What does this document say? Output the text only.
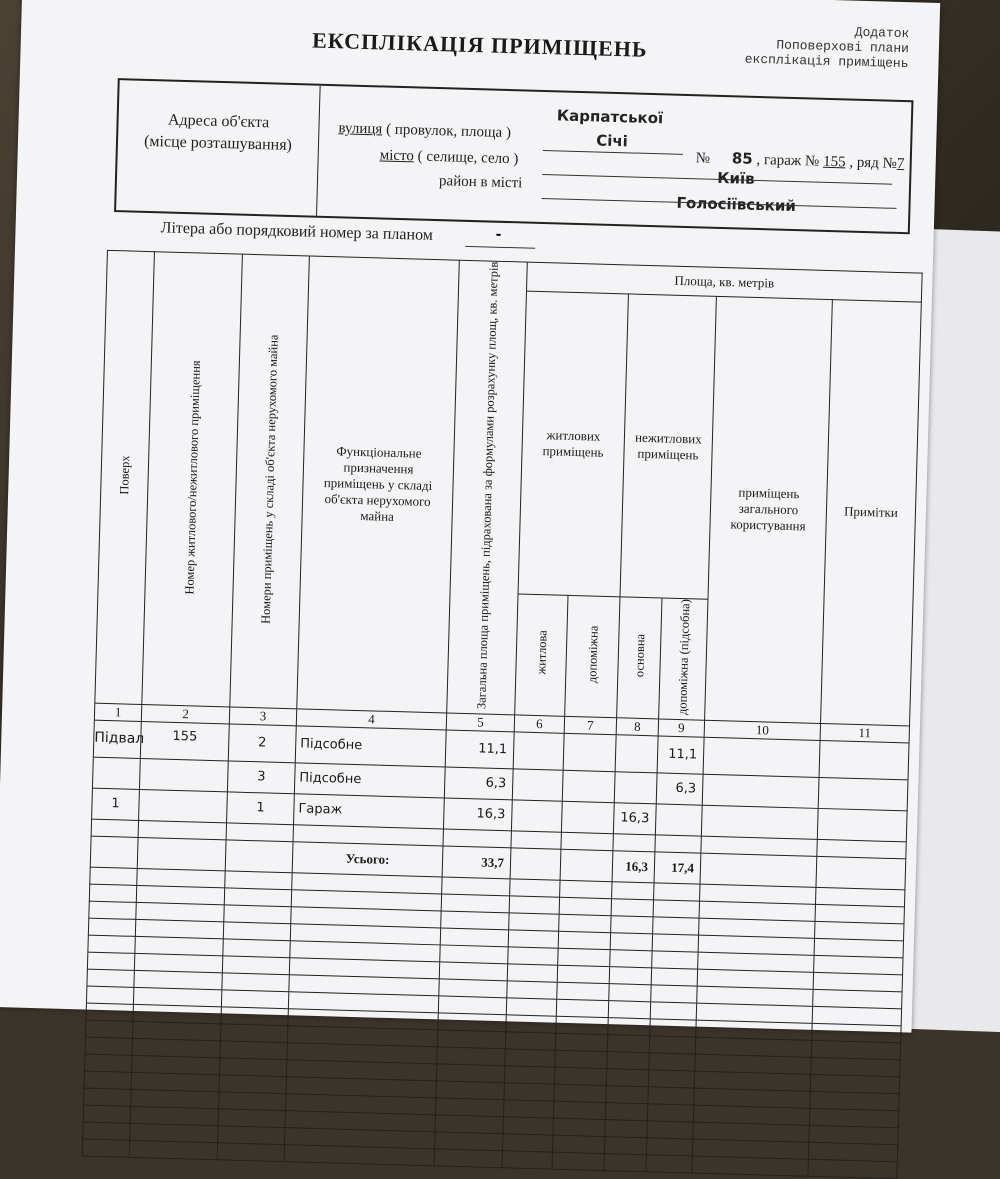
Додаток
Поповерхові плани
експлікація приміщень
ЕКСПЛІКАЦІЯ ПРИМІЩЕНЬ
Адреса об'єкта
(місце розташування)
Карпатської
вулиця ( провулок, площа )	Січі
№ 85 , гараж № 155 , ряд №7
місто ( селище, село )
Київ
район в місті
Голосіївський
Літера або порядковий номер за планом	-
Поверх	Номер житлового/нежитлового приміщення	Номери приміщень у складі об'єкта нерухомого майна	Функціональне призначення приміщень у складі об'єкта нерухомого майна	Загальна площа приміщень, підрахована за формулами розрахунку площ, кв. метрів	Площа, кв. метрів					
					житлових приміщень		нежитлових приміщень		приміщень загального користування	Примітки
					житлова	допоміжна	основна	допоміжна (підсобна)		
1	2	3	4	5	6	7	8	9	10	11
Підвал	155	2	Підсобне	11,1				11,1		
		3	Підсобне	6,3				6,3		
1		1	Гараж	16,3			16,3			

			Усього:	33,7			16,3	17,4		
